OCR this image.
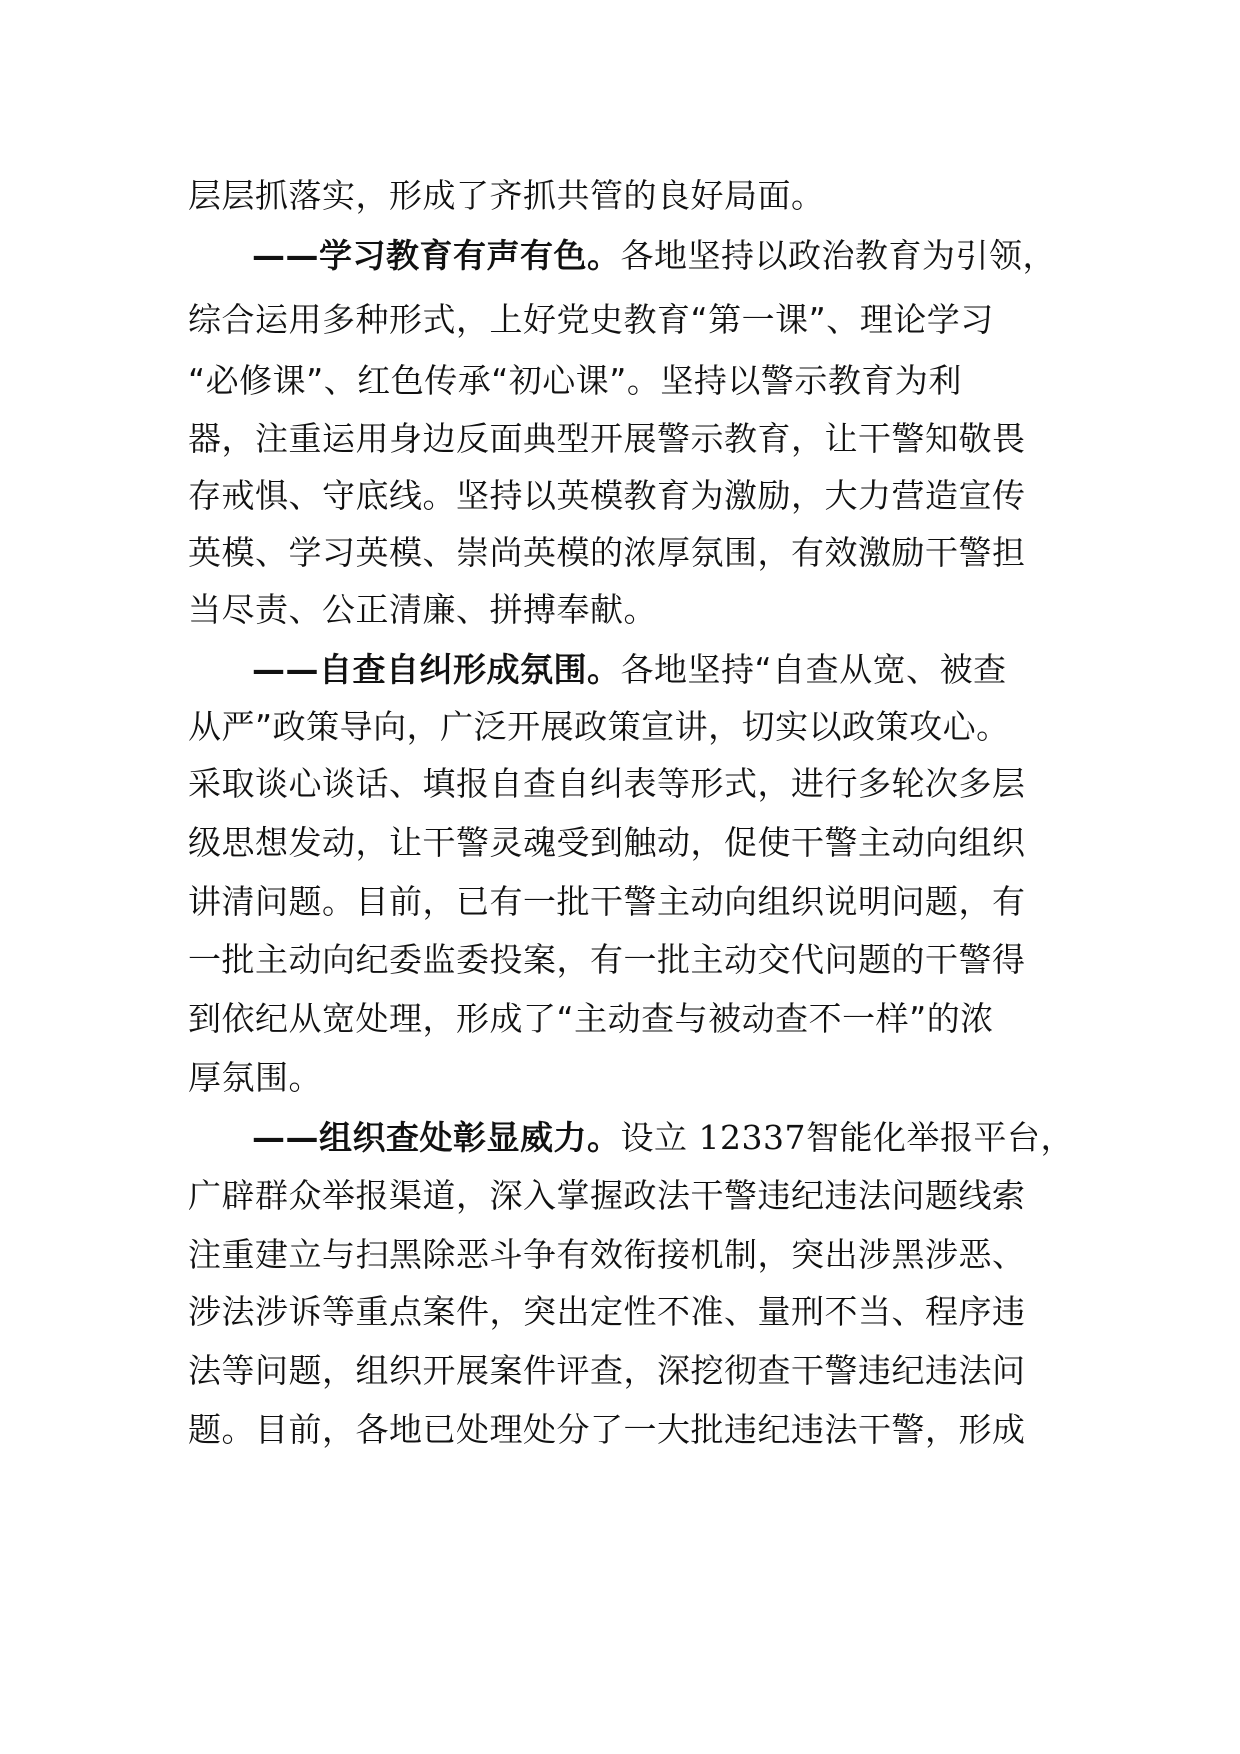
层层抓落实，形成了齐抓共管的良好局面。
——学习教育有声有色。各地坚持以政治教育为引领，
综合运用多种形式，上好党史教育“第一课”、理论学习
“必修课”、红色传承“初心课”。坚持以警示教育为利
器，注重运用身边反面典型开展警示教育，让干警知敬畏
存戒惧、守底线。坚持以英模教育为激励，大力营造宣传
英模、学习英模、崇尚英模的浓厚氛围，有效激励干警担
当尽责、公正清廉、拼搏奉献。
——自查自纠形成氛围。各地坚持“自查从宽、被查
从严”政策导向，广泛开展政策宣讲，切实以政策攻心。
采取谈心谈话、填报自查自纠表等形式，进行多轮次多层
级思想发动，让干警灵魂受到触动，促使干警主动向组织
讲清问题。目前，已有一批干警主动向组织说明问题，有
一批主动向纪委监委投案，有一批主动交代问题的干警得
到依纪从宽处理，形成了“主动查与被动查不一样”的浓
厚氛围。
——组织查处彰显威力。设立 12337智能化举报平台，
广辟群众举报渠道，深入掌握政法干警违纪违法问题线索
注重建立与扫黑除恶斗争有效衔接机制，突出涉黑涉恶、
涉法涉诉等重点案件，突出定性不准、量刑不当、程序违
法等问题，组织开展案件评查，深挖彻查干警违纪违法问
题。目前，各地已处理处分了一大批违纪违法干警，形成
